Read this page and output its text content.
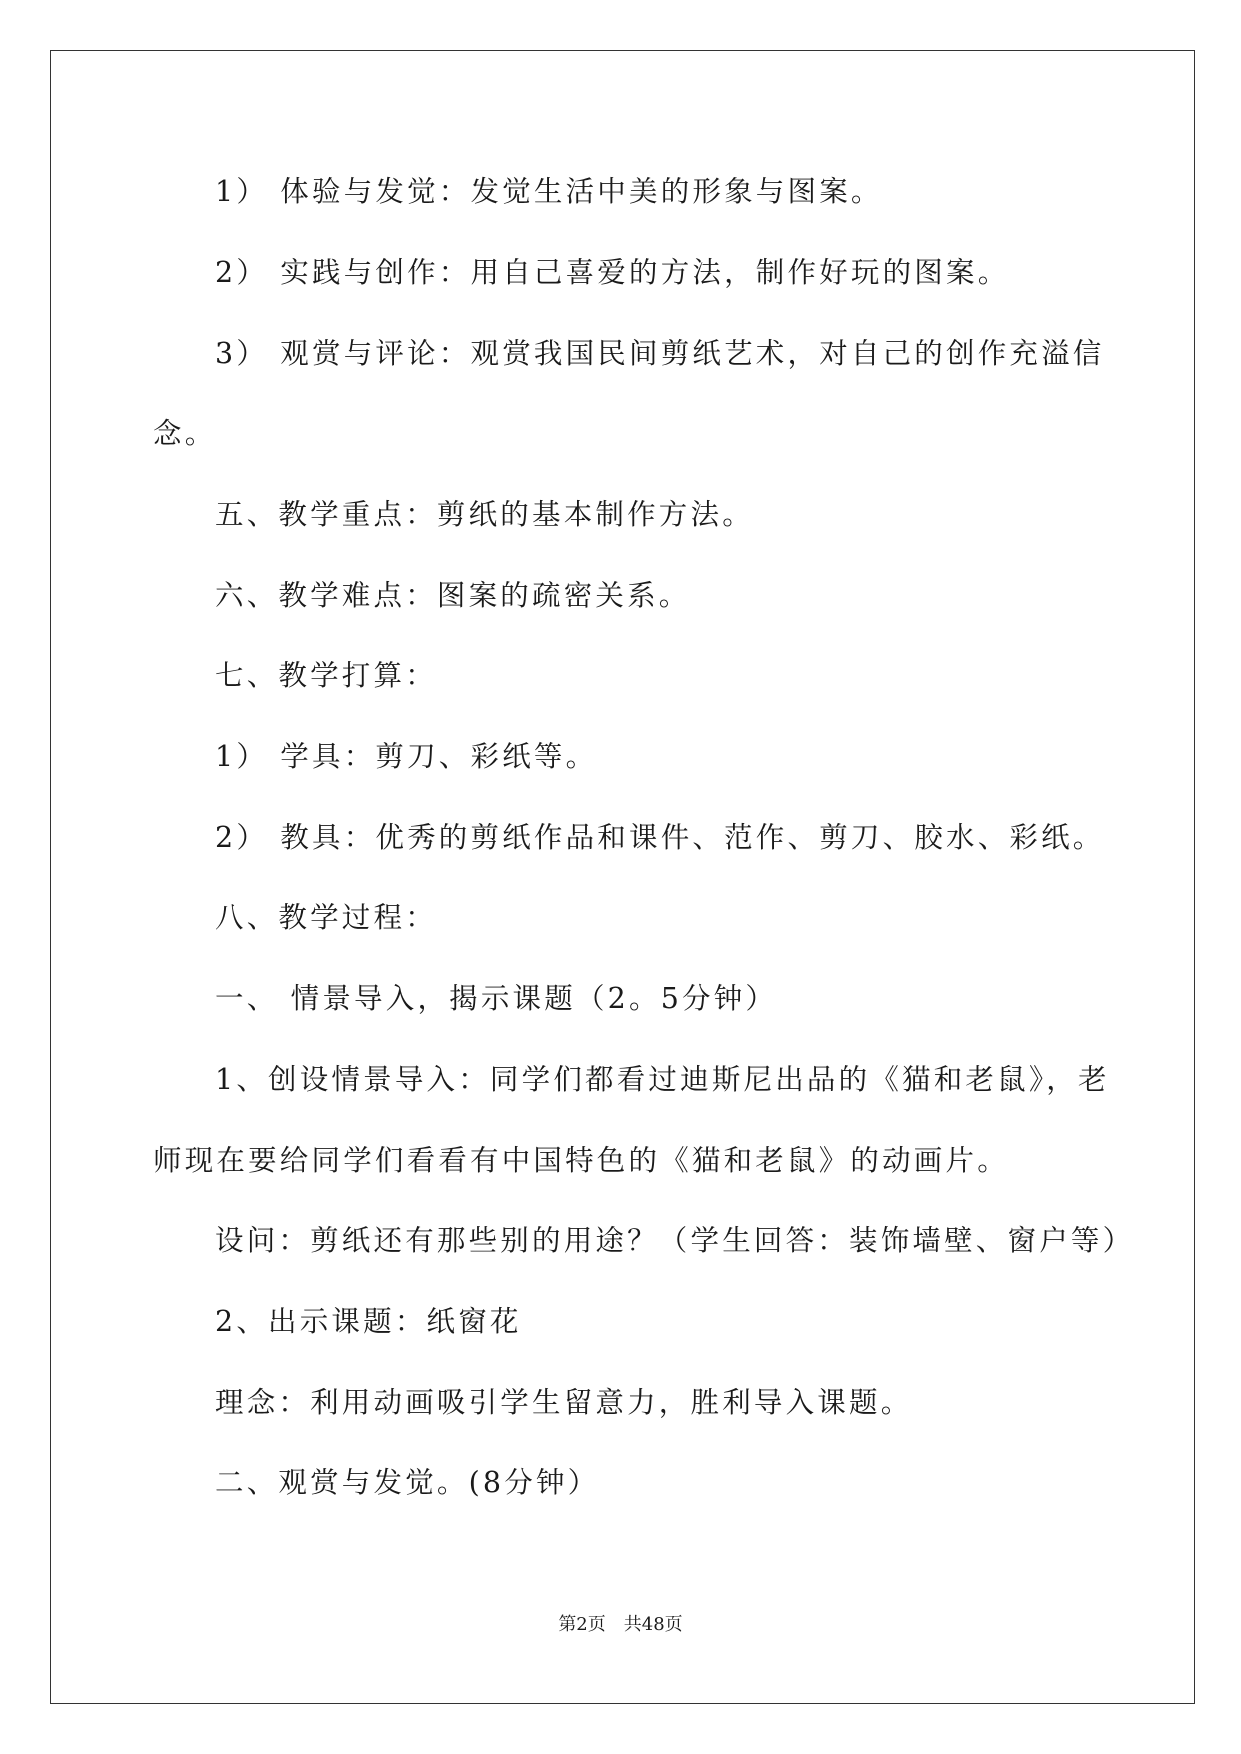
1） 体验与发觉：发觉生活中美的形象与图案。
2） 实践与创作：用自己喜爱的方法，制作好玩的图案。
3） 观赏与评论：观赏我国民间剪纸艺术，对自己的创作充溢信
念。
五、教学重点：剪纸的基本制作方法。
六、教学难点：图案的疏密关系。
七、教学打算：
1） 学具：剪刀、彩纸等。
2） 教具：优秀的剪纸作品和课件、范作、剪刀、胶水、彩纸。
八、教学过程：
一、 情景导入，揭示课题（2。5分钟）
1、创设情景导入：同学们都看过迪斯尼出品的《猫和老鼠》，老
师现在要给同学们看看有中国特色的《猫和老鼠》的动画片。
设问：剪纸还有那些别的用途？（学生回答：装饰墙壁、窗户等）
2、出示课题：纸窗花
理念：利用动画吸引学生留意力，胜利导入课题。
二、观赏与发觉。(8分钟）
第2页　共48页
